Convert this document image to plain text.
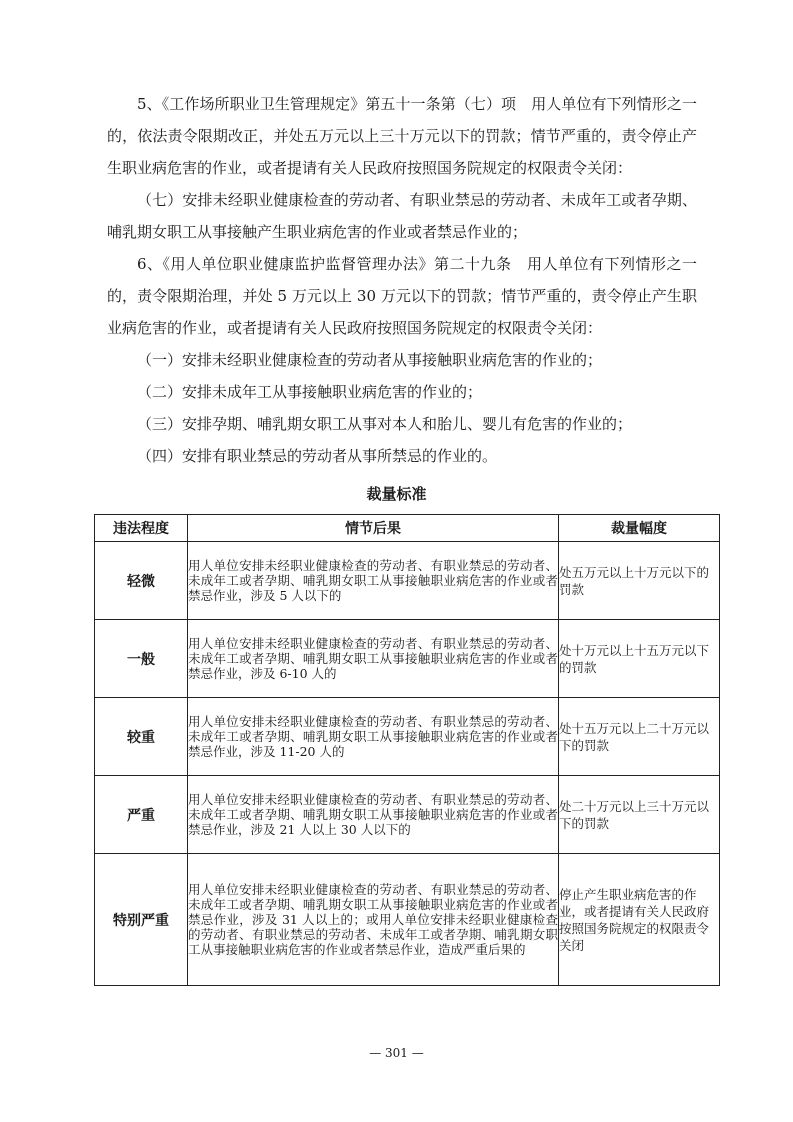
5、《工作场所职业卫生管理规定》第五十一条第（七）项　用人单位有下列情形之一的，依法责令限期改正，并处五万元以上三十万元以下的罚款；情节严重的，责令停止产生职业病危害的作业，或者提请有关人民政府按照国务院规定的权限责令关闭：

（七）安排未经职业健康检查的劳动者、有职业禁忌的劳动者、未成年工或者孕期、哺乳期女职工从事接触产生职业病危害的作业或者禁忌作业的；

6、《用人单位职业健康监护监督管理办法》第二十九条　用人单位有下列情形之一的，责令限期治理，并处 5 万元以上 30 万元以下的罚款；情节严重的，责令停止产生职业病危害的作业，或者提请有关人民政府按照国务院规定的权限责令关闭：

（一）安排未经职业健康检查的劳动者从事接触职业病危害的作业的；

（二）安排未成年工从事接触职业病危害的作业的；

（三）安排孕期、哺乳期女职工从事对本人和胎儿、婴儿有危害的作业的；

（四）安排有职业禁忌的劳动者从事所禁忌的作业的。

裁量标准
违法程度	情节后果	裁量幅度
轻微	用人单位安排未经职业健康检查的劳动者、有职业禁忌的劳动者、未成年工或者孕期、哺乳期女职工从事接触职业病危害的作业或者禁忌作业，涉及 5 人以下的	处五万元以上十万元以下的罚款
一般	用人单位安排未经职业健康检查的劳动者、有职业禁忌的劳动者、未成年工或者孕期、哺乳期女职工从事接触职业病危害的作业或者禁忌作业，涉及 6-10 人的	处十万元以上十五万元以下的罚款
较重	用人单位安排未经职业健康检查的劳动者、有职业禁忌的劳动者、未成年工或者孕期、哺乳期女职工从事接触职业病危害的作业或者禁忌作业，涉及 11-20 人的	处十五万元以上二十万元以下的罚款
严重	用人单位安排未经职业健康检查的劳动者、有职业禁忌的劳动者、未成年工或者孕期、哺乳期女职工从事接触职业病危害的作业或者禁忌作业，涉及 21 人以上 30 人以下的	处二十万元以上三十万元以下的罚款
特别严重	用人单位安排未经职业健康检查的劳动者、有职业禁忌的劳动者、未成年工或者孕期、哺乳期女职工从事接触职业病危害的作业或者禁忌作业，涉及 31 人以上的；或用人单位安排未经职业健康检查的劳动者、有职业禁忌的劳动者、未成年工或者孕期、哺乳期女职工从事接触职业病危害的作业或者禁忌作业，造成严重后果的	停止产生职业病危害的作业，或者提请有关人民政府按照国务院规定的权限责令关闭
— 301 —
